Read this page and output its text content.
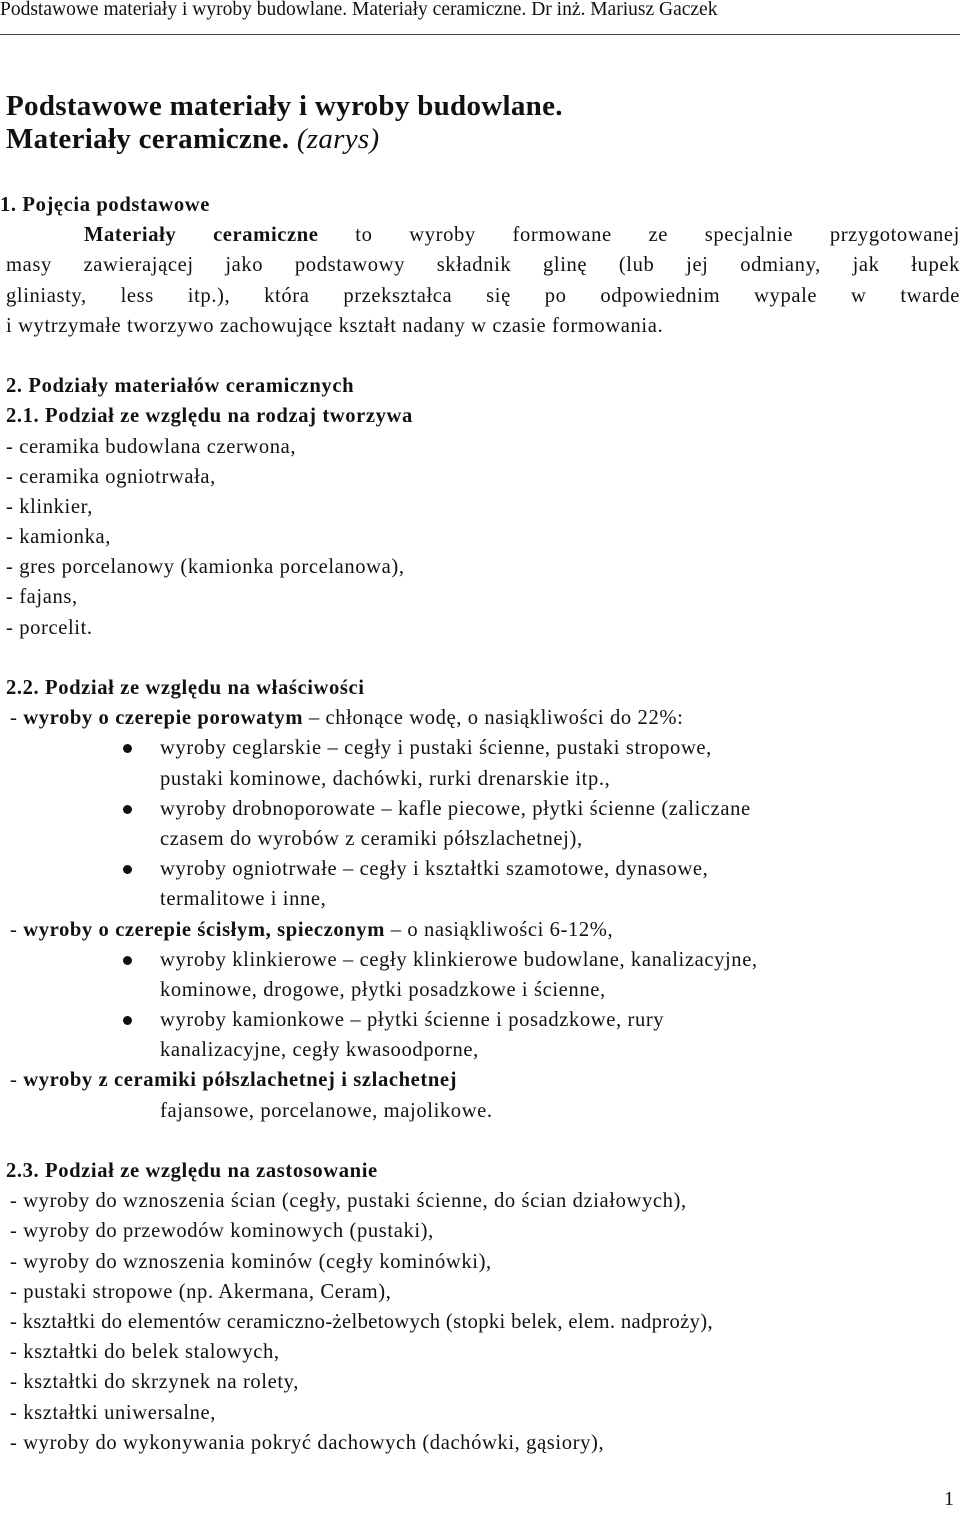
Podstawowe materiały i wyroby budowlane. Materiały ceramiczne. Dr inż. Mariusz Gaczek
Podstawowe materiały i wyroby budowlane.
Materiały ceramiczne. (zarys)
1. Pojęcia podstawowe
Materiały ceramiczne to wyroby formowane ze specjalnie przygotowanej
masy zawierającej jako podstawowy składnik glinę (lub jej odmiany, jak łupek
gliniasty, less itp.), która przekształca się po odpowiednim wypale w twarde
i wytrzymałe tworzywo zachowujące kształt nadany w czasie formowania.
2. Podziały materiałów ceramicznych
2.1. Podział ze względu na rodzaj tworzywa
- ceramika budowlana czerwona,
- ceramika ogniotrwała,
- klinkier,
- kamionka,
- gres porcelanowy (kamionka porcelanowa),
- fajans,
- porcelit.
2.2. Podział ze względu na właściwości
- wyroby o czerepie porowatym – chłonące wodę, o nasiąkliwości do 22%:
wyroby ceglarskie – cegły i pustaki ścienne, pustaki stropowe,
pustaki kominowe, dachówki, rurki drenarskie itp.,
wyroby drobnoporowate – kafle piecowe, płytki ścienne (zaliczane
czasem do wyrobów z ceramiki półszlachetnej),
wyroby ogniotrwałe – cegły i kształtki szamotowe, dynasowe,
termalitowe i inne,
- wyroby o czerepie ścisłym, spieczonym – o nasiąkliwości 6-12%,
wyroby klinkierowe – cegły klinkierowe budowlane, kanalizacyjne,
kominowe, drogowe, płytki posadzkowe i ścienne,
wyroby kamionkowe – płytki ścienne i posadzkowe, rury
kanalizacyjne, cegły kwasoodporne,
- wyroby z ceramiki półszlachetnej i szlachetnej
fajansowe, porcelanowe, majolikowe.
2.3. Podział ze względu na zastosowanie
- wyroby do wznoszenia ścian (cegły, pustaki ścienne, do ścian działowych),
- wyroby do przewodów kominowych (pustaki),
- wyroby do wznoszenia kominów (cegły kominówki),
- pustaki stropowe (np. Akermana, Ceram),
- kształtki do elementów ceramiczno-żelbetowych (stopki belek, elem. nadproży),
- kształtki do belek stalowych,
- kształtki do skrzynek na rolety,
- kształtki uniwersalne,
- wyroby do wykonywania pokryć dachowych (dachówki, gąsiory),
1
